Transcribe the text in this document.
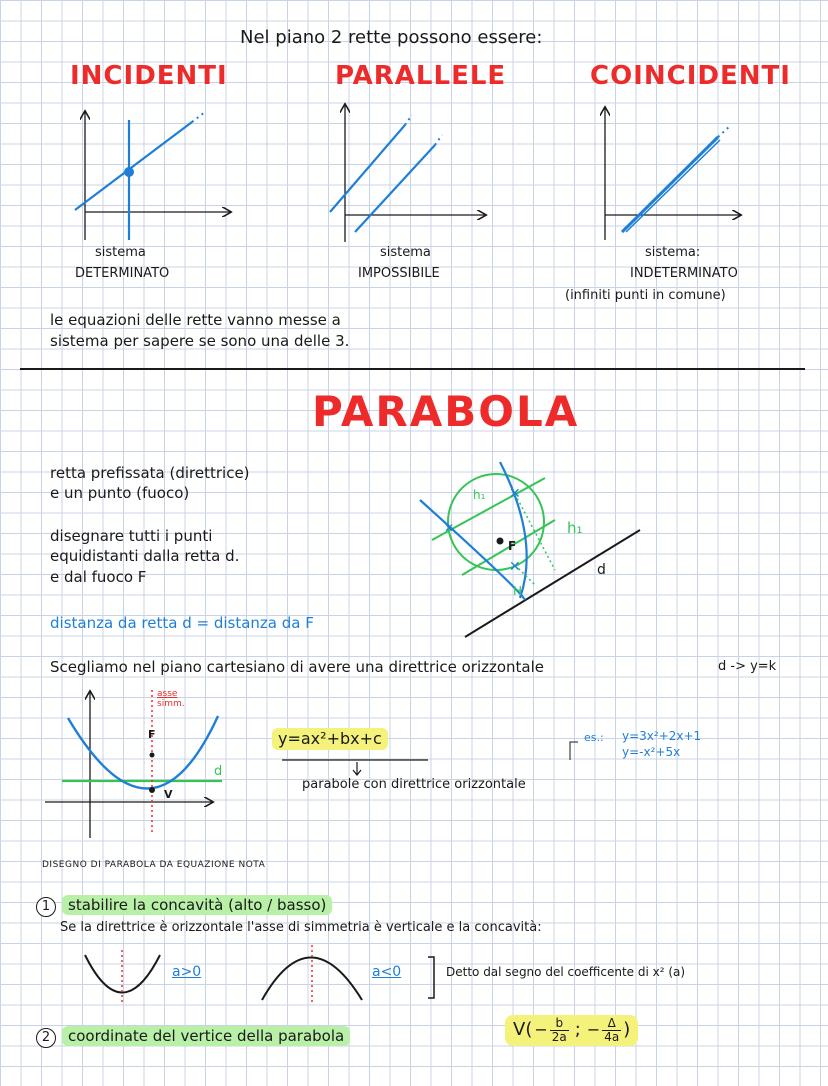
Nel piano 2 rette possono essere:
INCIDENTI	PARALLELE	COINCIDENTI
sistema
DETERMINATO
sistema
IMPOSSIBILE
sistema:
INDETERMINATO
(infiniti punti in comune)
le equazioni delle rette vanno messe a
sistema per sapere se sono una delle 3.
PARABOLA
retta prefissata (direttrice)
e un punto (fuoco)
disegnare tutti i punti
equidistanti dalla retta d.
e dal fuoco F
distanza da retta d = distanza da F
✕
✕
✕
h₁
h₁
F
H
d
Scegliamo nel piano cartesiano di avere una direttrice orizzontale	d -> y=k
asse
simm.
F
V
d
y=ax²+bx+c
parabole con direttrice orizzontale
es.: y=3x²+2x+1
y=-x²+5x
DISEGNO DI PARABOLA DA EQUAZIONE NOTA
1 stabilire la concavità (alto / basso)
Se la direttrice è orizzontale l'asse di simmetria è verticale e la concavità:
a>0	a<0	Detto dal segno del coefficente di x² (a)
2 coordinate del vertice della parabola	$V( - \frac{b}{2a}$ ; − $\frac{\Delta}{4a}$ )
